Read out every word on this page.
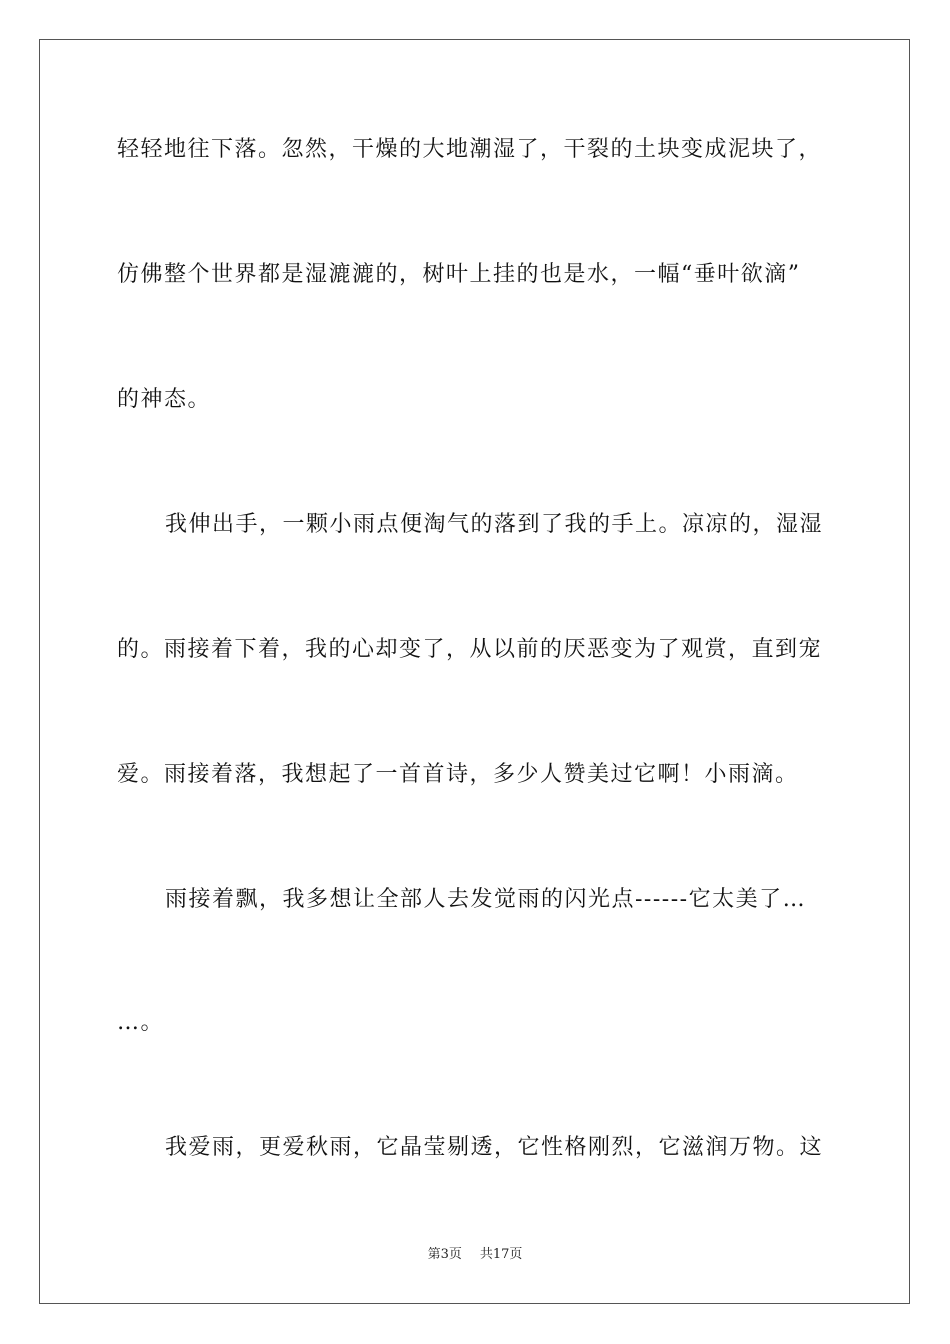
轻轻地往下落。忽然，干燥的大地潮湿了，干裂的土块变成泥块了，
仿佛整个世界都是湿漉漉的，树叶上挂的也是水，一幅“垂叶欲滴”
的神态。
我伸出手，一颗小雨点便淘气的落到了我的手上。凉凉的，湿湿
的。雨接着下着，我的心却变了，从以前的厌恶变为了观赏，直到宠
爱。雨接着落，我想起了一首首诗，多少人赞美过它啊！小雨滴。
雨接着飘，我多想让全部人去发觉雨的闪光点------它太美了…
…。
我爱雨，更爱秋雨，它晶莹剔透，它性格刚烈，它滋润万物。这
第3页 共17页
